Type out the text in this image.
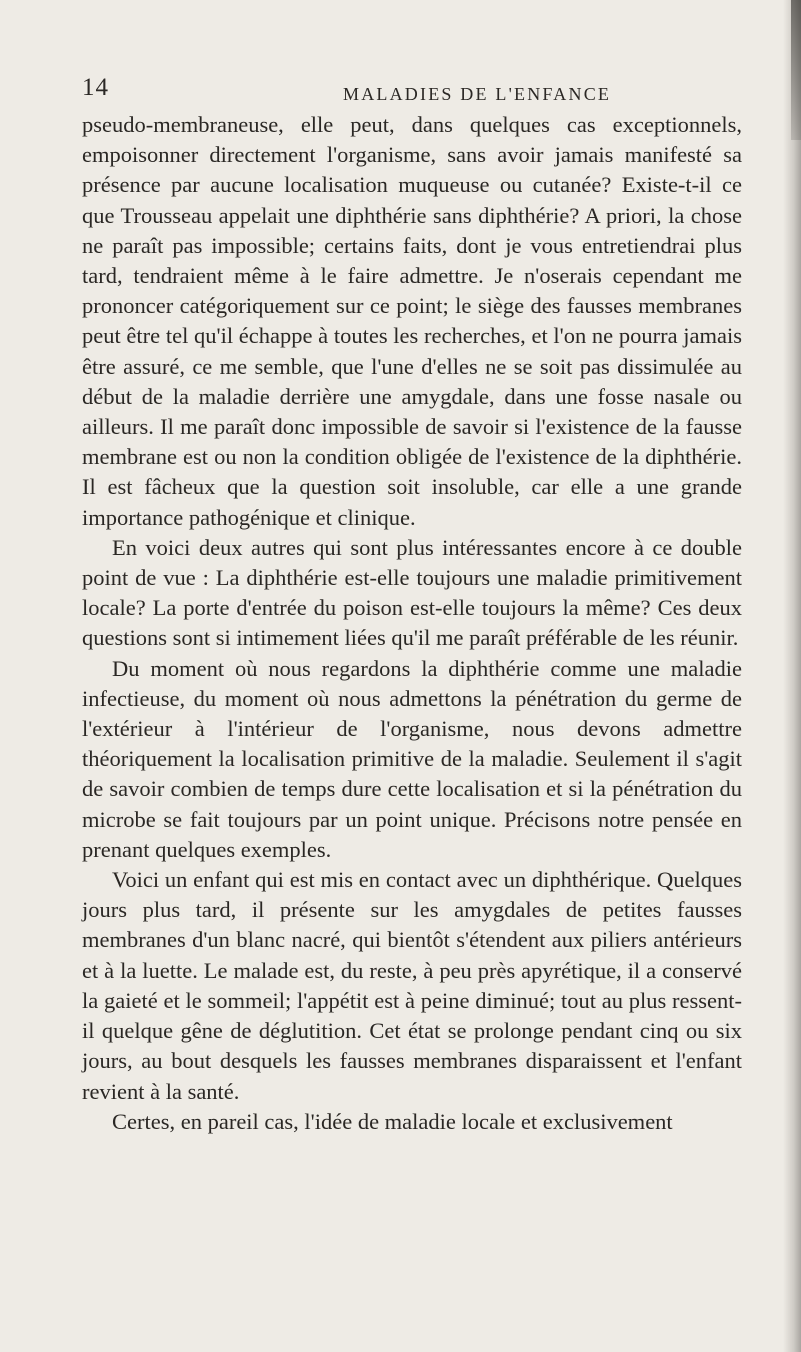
14	MALADIES DE L'ENFANCE

pseudo-membraneuse, elle peut, dans quelques cas exceptionnels, empoisonner directement l'organisme, sans avoir jamais manifesté sa présence par aucune localisation muqueuse ou cutanée? Existe-t-il ce que Trousseau appelait une diphthérie sans diphthérie? A priori, la chose ne paraît pas impossible; certains faits, dont je vous entretiendrai plus tard, tendraient même à le faire admettre. Je n'oserais cependant me prononcer catégoriquement sur ce point; le siège des fausses membranes peut être tel qu'il échappe à toutes les recherches, et l'on ne pourra jamais être assuré, ce me semble, que l'une d'elles ne se soit pas dissimulée au début de la maladie derrière une amygdale, dans une fosse nasale ou ailleurs. Il me paraît donc impossible de savoir si l'existence de la fausse membrane est ou non la condition obligée de l'existence de la diphthérie. Il est fâcheux que la question soit insoluble, car elle a une grande importance pathogénique et clinique.

En voici deux autres qui sont plus intéressantes encore à ce double point de vue : La diphthérie est-elle toujours une maladie primitivement locale? La porte d'entrée du poison est-elle toujours la même? Ces deux questions sont si intimement liées qu'il me paraît préférable de les réunir.

Du moment où nous regardons la diphthérie comme une maladie infectieuse, du moment où nous admettons la pénétration du germe de l'extérieur à l'intérieur de l'organisme, nous devons admettre théoriquement la localisation primitive de la maladie. Seulement il s'agit de savoir combien de temps dure cette localisation et si la pénétration du microbe se fait toujours par un point unique. Précisons notre pensée en prenant quelques exemples.

Voici un enfant qui est mis en contact avec un diphthérique. Quelques jours plus tard, il présente sur les amygdales de petites fausses membranes d'un blanc nacré, qui bientôt s'étendent aux piliers antérieurs et à la luette. Le malade est, du reste, à peu près apyrétique, il a conservé la gaieté et le sommeil; l'appétit est à peine diminué; tout au plus ressent-il quelque gêne de déglutition. Cet état se prolonge pendant cinq ou six jours, au bout desquels les fausses membranes disparaissent et l'enfant revient à la santé.

Certes, en pareil cas, l'idée de maladie locale et exclusivement
